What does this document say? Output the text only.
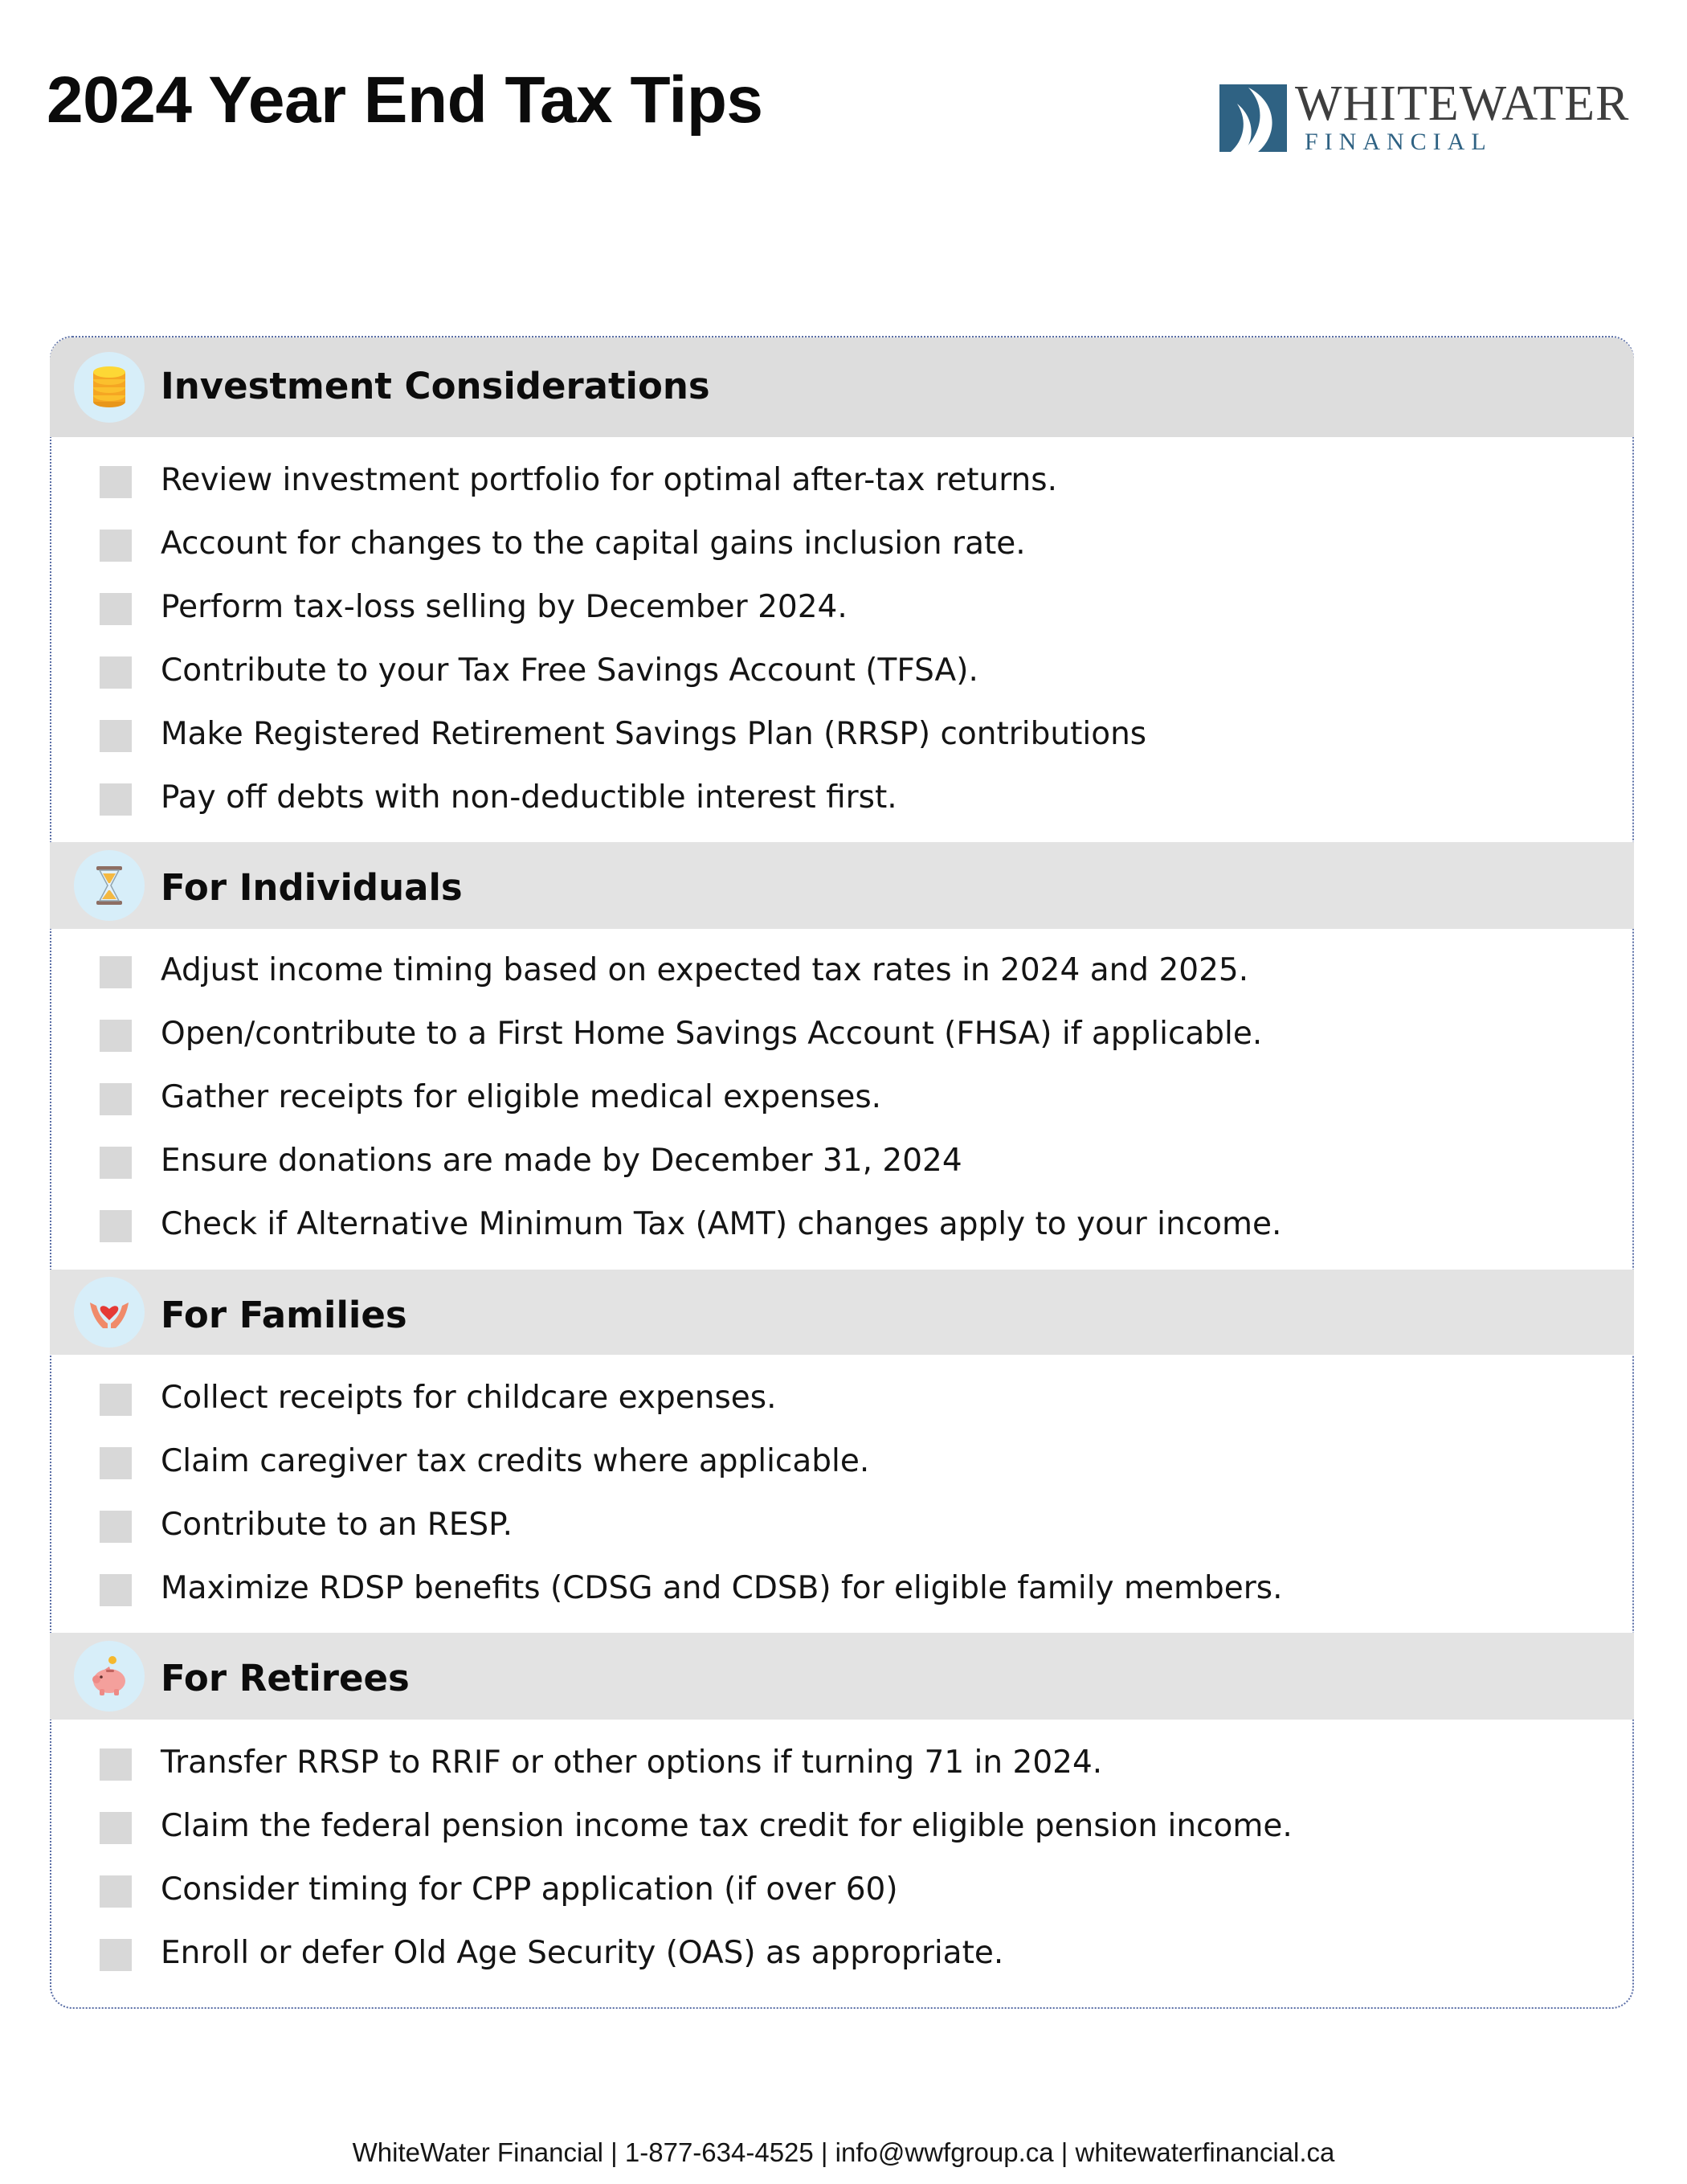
2024 Year End Tax Tips	WHITEWATER
FINANCIAL
Investment Considerations
Review investment portfolio for optimal after-tax returns.
Account for changes to the capital gains inclusion rate.
Perform tax-loss selling by December 2024.
Contribute to your Tax Free Savings Account (TFSA).
Make Registered Retirement Savings Plan (RRSP) contributions
Pay off debts with non-deductible interest first.
For Individuals
Adjust income timing based on expected tax rates in 2024 and 2025.
Open/contribute to a First Home Savings Account (FHSA) if applicable.
Gather receipts for eligible medical expenses.
Ensure donations are made by December 31, 2024
Check if Alternative Minimum Tax (AMT) changes apply to your income.
For Families
Collect receipts for childcare expenses.
Claim caregiver tax credits where applicable.
Contribute to an RESP.
Maximize RDSP benefits (CDSG and CDSB) for eligible family members.
For Retirees
Transfer RRSP to RRIF or other options if turning 71 in 2024.
Claim the federal pension income tax credit for eligible pension income.
Consider timing for CPP application (if over 60)
Enroll or defer Old Age Security (OAS) as appropriate.
WhiteWater Financial | 1-877-634-4525 | info@wwfgroup.ca | whitewaterfinancial.ca
